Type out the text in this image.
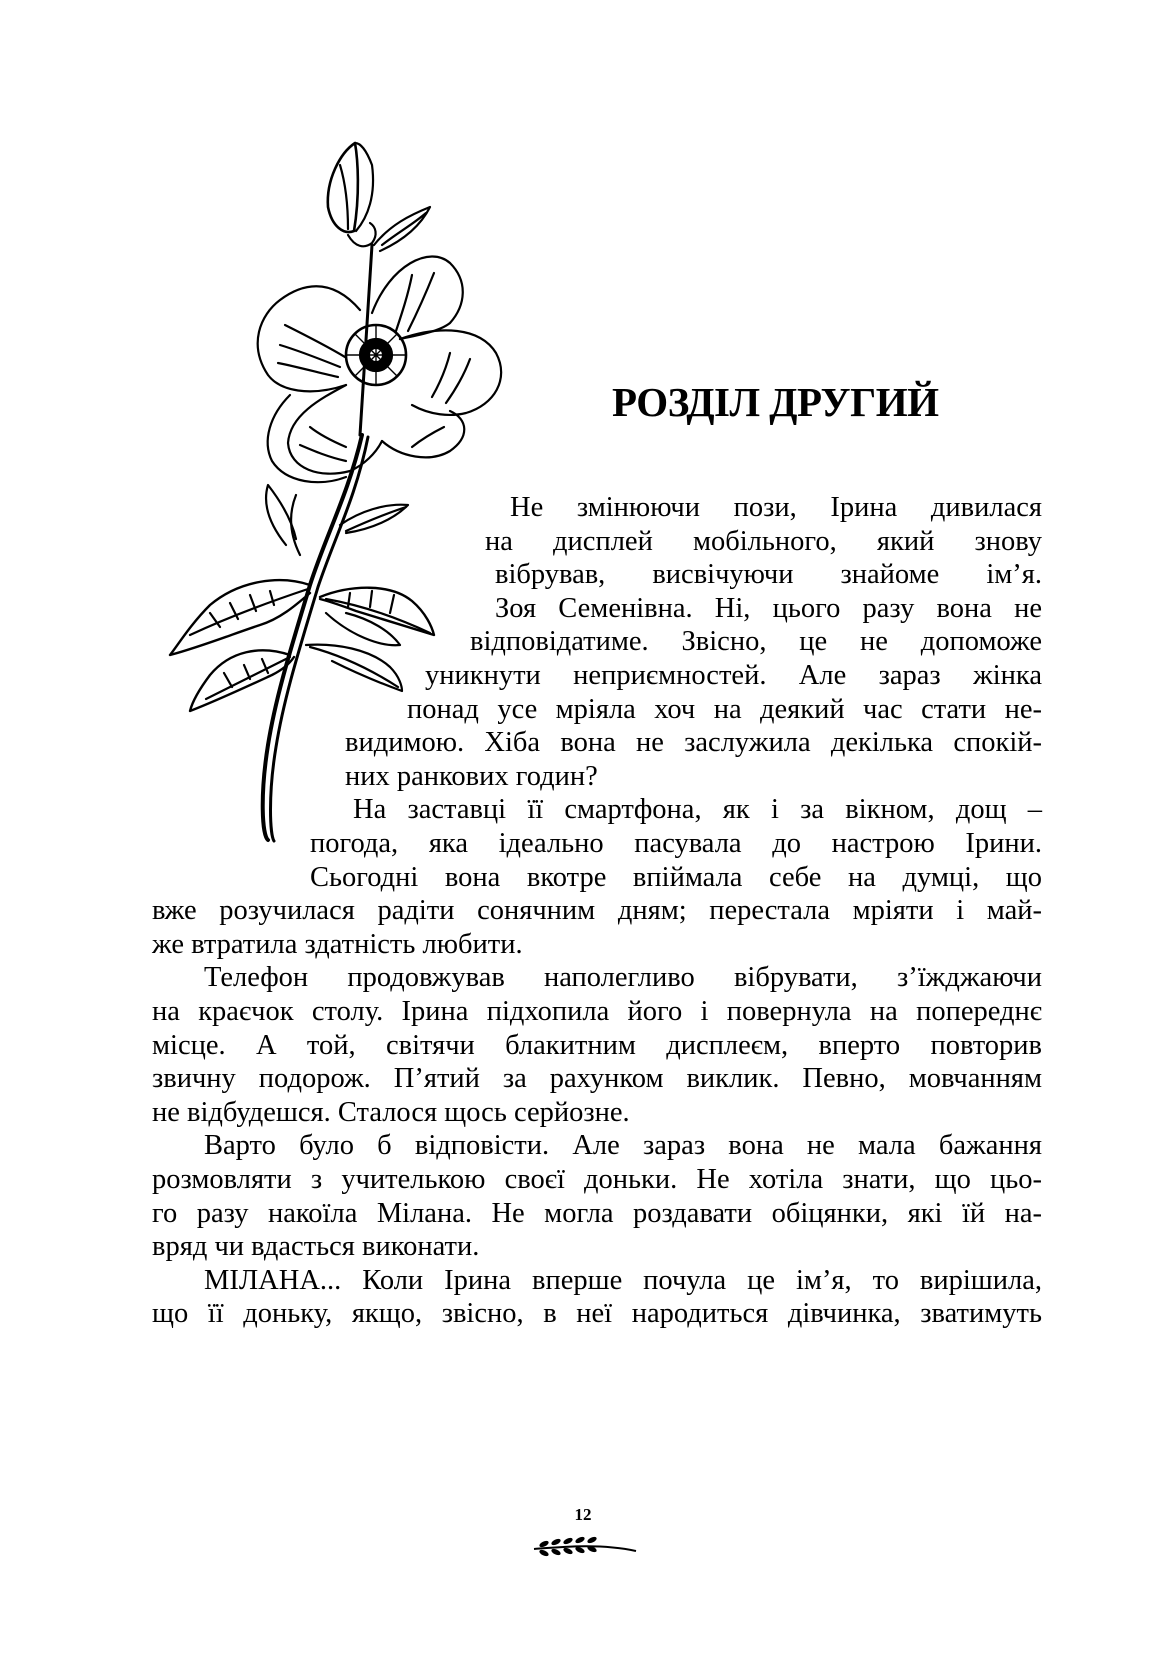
РОЗДІЛ ДРУГИЙ
Не змінюючи пози, Ірина дивилася
на дисплей мобільного, який знову
вібрував, висвічуючи знайоме ім’я.
Зоя Семенівна. Ні, цього разу вона не
відповідатиме. Звісно, це не допоможе
уникнути неприємностей. Але зараз жінка
понад усе мріяла хоч на деякий час стати не-
видимою. Хіба вона не заслужила декілька спокій-
них ранкових годин?
На заставці її смартфона, як і за вікном, дощ –
погода, яка ідеально пасувала до настрою Ірини.
Сьогодні вона вкотре впіймала себе на думці, що
вже розучилася радіти сонячним дням; перестала мріяти і май-
же втратила здатність любити.
Телефон продовжував наполегливо вібрувати, з’їжджаючи
на краєчок столу. Ірина підхопила його і повернула на попереднє
місце. А той, світячи блакитним дисплеєм, вперто повторив
звичну подорож. П’ятий за рахунком виклик. Певно, мовчанням
не відбудешся. Сталося щось серйозне.
Варто було б відповісти. Але зараз вона не мала бажання
розмовляти з учителькою своєї доньки. Не хотіла знати, що цьо-
го разу накоїла Мілана. Не могла роздавати обіцянки, які їй на-
вряд чи вдасться виконати.
МІЛАНА... Коли Ірина вперше почула це ім’я, то вирішила,
що її доньку, якщо, звісно, в неї народиться дівчинка, зватимуть
12
